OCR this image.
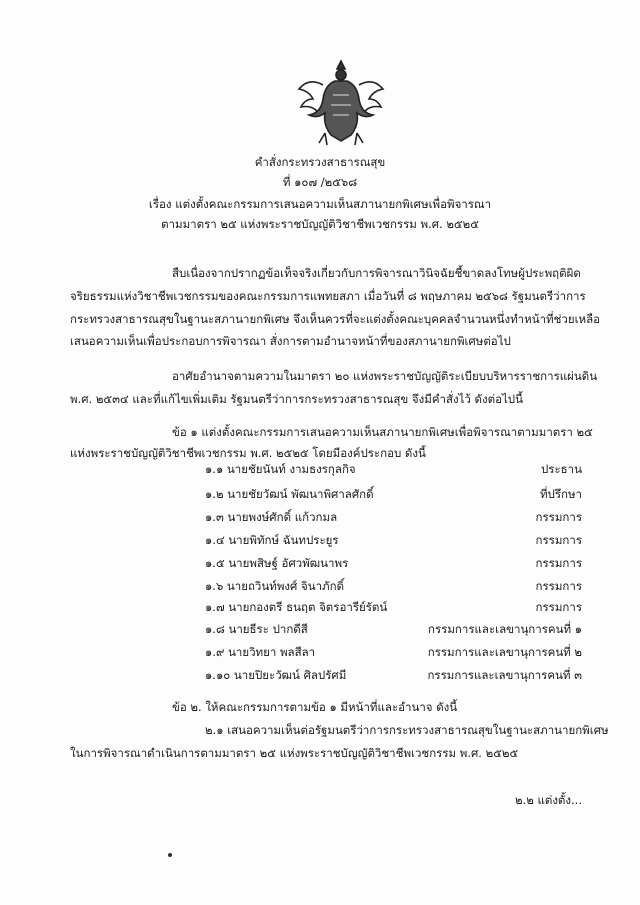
คำสั่งกระทรวงสาธารณสุข
ที่ ๑๐๗ /๒๕๖๘
เรื่อง แต่งตั้งคณะกรรมการเสนอความเห็นสภานายกพิเศษเพื่อพิจารณา
ตามมาตรา ๒๕ แห่งพระราชบัญญัติวิชาชีพเวชกรรม พ.ศ. ๒๕๒๕
สืบเนื่องจากปรากฏข้อเท็จจริงเกี่ยวกับการพิจารณาวินิจฉัยชี้ขาดลงโทษผู้ประพฤติผิด
จริยธรรมแห่งวิชาชีพเวชกรรมของคณะกรรมการแพทยสภา เมื่อวันที่ ๘ พฤษภาคม ๒๕๖๘ รัฐมนตรีว่าการ
กระทรวงสาธารณสุขในฐานะสภานายกพิเศษ จึงเห็นควรที่จะแต่งตั้งคณะบุคคลจำนวนหนึ่งทำหน้าที่ช่วยเหลือ
เสนอความเห็นเพื่อประกอบการพิจารณา สั่งการตามอำนาจหน้าที่ของสภานายกพิเศษต่อไป
อาศัยอำนาจตามความในมาตรา ๒๐ แห่งพระราชบัญญัติระเบียบบริหารราชการแผ่นดิน
พ.ศ. ๒๕๓๔ และที่แก้ไขเพิ่มเติม รัฐมนตรีว่าการกระทรวงสาธารณสุข จึงมีคำสั่งไว้ ดังต่อไปนี้
ข้อ ๑ แต่งตั้งคณะกรรมการเสนอความเห็นสภานายกพิเศษเพื่อพิจารณาตามมาตรา ๒๕
แห่งพระราชบัญญัติวิชาชีพเวชกรรม พ.ศ. ๒๕๒๕ โดยมีองค์ประกอบ ดังนี้
๑.๑ นายชัยนันท์ งามธงรกุลกิจ	ประธาน
๑.๒ นายชัยวัฒน์ พัฒนาพิศาลศักดิ์	ที่ปรึกษา
๑.๓ นายพงษ์ศักดิ์ แก้วกมล	กรรมการ
๑.๔ นายพิทักษ์ ฉันทประยูร	กรรมการ
๑.๕ นายพสิษฐ์ อัศวพัฒนาพร	กรรมการ
๑.๖ นายถวินท์พงศ์ จินาภักดิ์	กรรมการ
๑.๗ นายกองตรี ธนฤต จิตรอารีย์รัตน์	กรรมการ
๑.๘ นายธีระ ปากดีสี	กรรมการและเลขานุการคนที่ ๑
๑.๙ นายวิทยา พลสีลา	กรรมการและเลขานุการคนที่ ๒
๑.๑๐ นายปิยะวัฒน์ ศิลปรัศมี	กรรมการและเลขานุการคนที่ ๓
ข้อ ๒. ให้คณะกรรมการตามข้อ ๑ มีหน้าที่และอำนาจ ดังนี้
๒.๑ เสนอความเห็นต่อรัฐมนตรีว่าการกระทรวงสาธารณสุขในฐานะสภานายกพิเศษ
ในการพิจารณาดำเนินการตามมาตรา ๒๕ แห่งพระราชบัญญัติวิชาชีพเวชกรรม พ.ศ. ๒๕๒๕
๒.๒ แต่งตั้ง...
